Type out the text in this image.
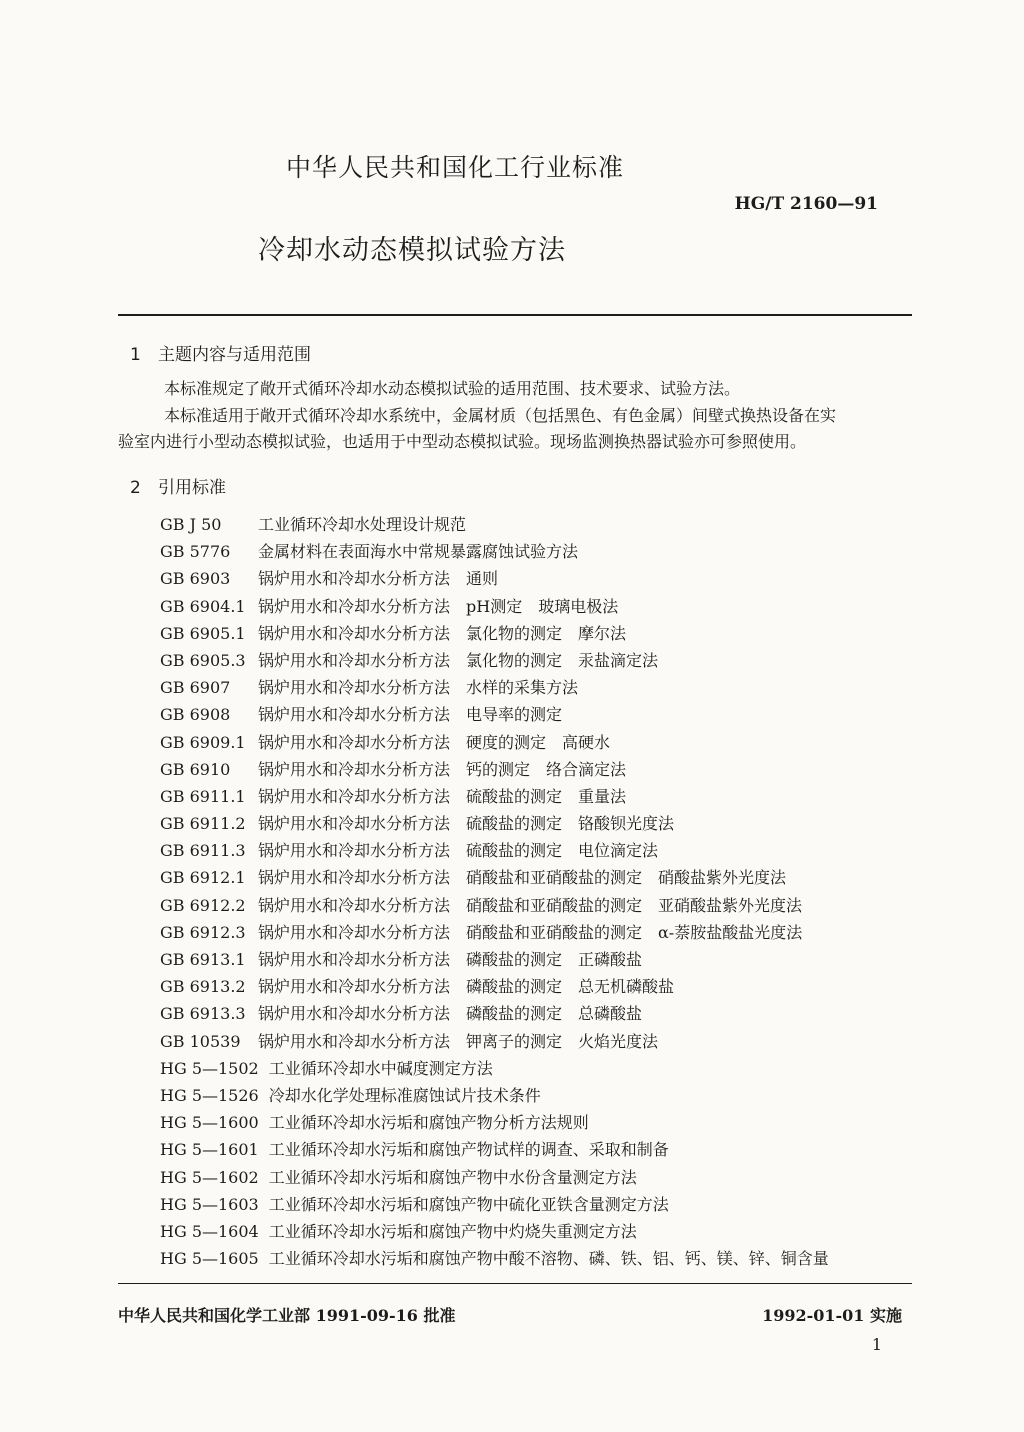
中华人民共和国化工行业标准
HG/T 2160—91
冷却水动态模拟试验方法
1 主题内容与适用范围
本标准规定了敞开式循环冷却水动态模拟试验的适用范围、技术要求、试验方法。
本标准适用于敞开式循环冷却水系统中，金属材质（包括黑色、有色金属）间壁式换热设备在实
验室内进行小型动态模拟试验，也适用于中型动态模拟试验。现场监测换热器试验亦可参照使用。
2 引用标准
GB J 50 工业循环冷却水处理设计规范
GB 5776 金属材料在表面海水中常规暴露腐蚀试验方法
GB 6903 锅炉用水和冷却水分析方法　通则
GB 6904.1 锅炉用水和冷却水分析方法　pH测定　玻璃电极法
GB 6905.1 锅炉用水和冷却水分析方法　氯化物的测定　摩尔法
GB 6905.3 锅炉用水和冷却水分析方法　氯化物的测定　汞盐滴定法
GB 6907 锅炉用水和冷却水分析方法　水样的采集方法
GB 6908 锅炉用水和冷却水分析方法　电导率的测定
GB 6909.1 锅炉用水和冷却水分析方法　硬度的测定　高硬水
GB 6910 锅炉用水和冷却水分析方法　钙的测定　络合滴定法
GB 6911.1 锅炉用水和冷却水分析方法　硫酸盐的测定　重量法
GB 6911.2 锅炉用水和冷却水分析方法　硫酸盐的测定　铬酸钡光度法
GB 6911.3 锅炉用水和冷却水分析方法　硫酸盐的测定　电位滴定法
GB 6912.1 锅炉用水和冷却水分析方法　硝酸盐和亚硝酸盐的测定　硝酸盐紫外光度法
GB 6912.2 锅炉用水和冷却水分析方法　硝酸盐和亚硝酸盐的测定　亚硝酸盐紫外光度法
GB 6912.3 锅炉用水和冷却水分析方法　硝酸盐和亚硝酸盐的测定　α-萘胺盐酸盐光度法
GB 6913.1 锅炉用水和冷却水分析方法　磷酸盐的测定　正磷酸盐
GB 6913.2 锅炉用水和冷却水分析方法　磷酸盐的测定　总无机磷酸盐
GB 6913.3 锅炉用水和冷却水分析方法　磷酸盐的测定　总磷酸盐
GB 10539 锅炉用水和冷却水分析方法　钾离子的测定　火焰光度法
HG 5—1502 工业循环冷却水中碱度测定方法
HG 5—1526 冷却水化学处理标准腐蚀试片技术条件
HG 5—1600 工业循环冷却水污垢和腐蚀产物分析方法规则
HG 5—1601 工业循环冷却水污垢和腐蚀产物试样的调查、采取和制备
HG 5—1602 工业循环冷却水污垢和腐蚀产物中水份含量测定方法
HG 5—1603 工业循环冷却水污垢和腐蚀产物中硫化亚铁含量测定方法
HG 5—1604 工业循环冷却水污垢和腐蚀产物中灼烧失重测定方法
HG 5—1605 工业循环冷却水污垢和腐蚀产物中酸不溶物、磷、铁、铝、钙、镁、锌、铜含量
中华人民共和国化学工业部 1991-09-16 批准	1992-01-01 实施
1
